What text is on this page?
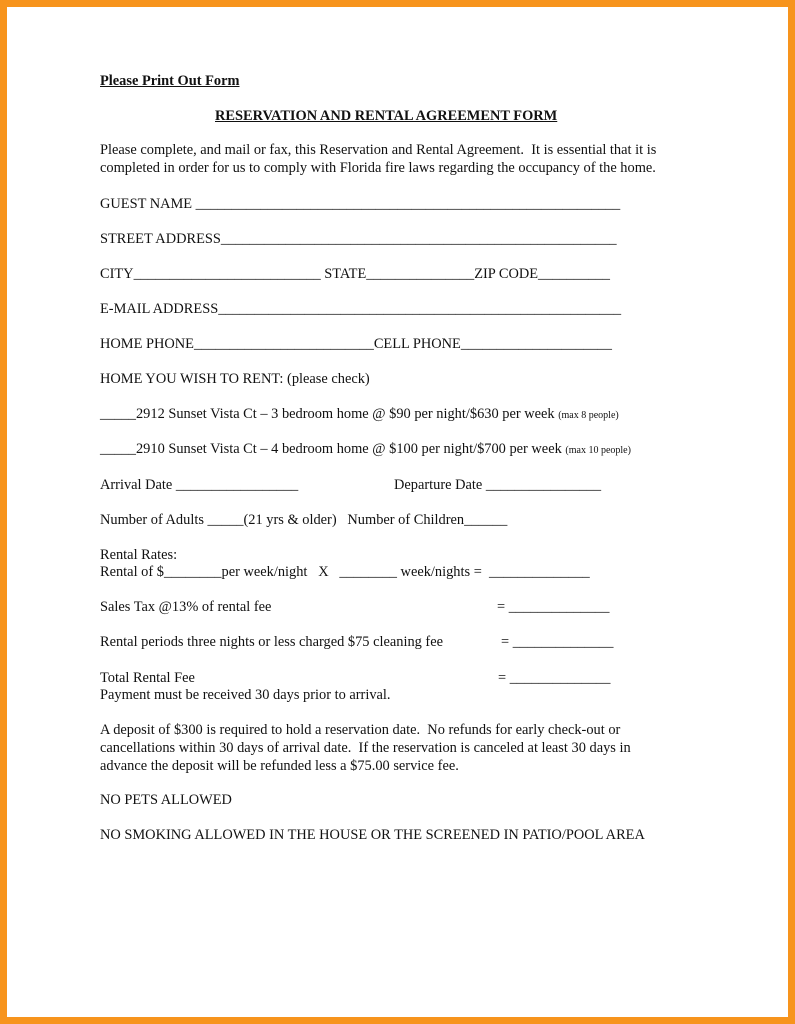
Please Print Out Form
RESERVATION AND RENTAL AGREEMENT FORM
Please complete, and mail or fax, this Reservation and Rental Agreement.  It is essential that it is
completed in order for us to comply with Florida fire laws regarding the occupancy of the home.
GUEST NAME ___________________________________________________________
STREET ADDRESS_______________________________________________________
CITY__________________________ STATE_______________ZIP CODE__________
E-MAIL ADDRESS________________________________________________________
HOME PHONE_________________________CELL PHONE_____________________
HOME YOU WISH TO RENT: (please check)
_____2912 Sunset Vista Ct – 3 bedroom home @ $90 per night/$630 per week (max 8 people)
_____2910 Sunset Vista Ct – 4 bedroom home @ $100 per night/$700 per week (max 10 people)
Arrival Date _________________	Departure Date ________________
Number of Adults _____(21 yrs & older)   Number of Children______
Rental Rates:
Rental of $________per week/night   X   ________ week/nights =  ______________
Sales Tax @13% of rental fee	= ______________
Rental periods three nights or less charged $75 cleaning fee	= ______________
Total Rental Fee	= ______________
Payment must be received 30 days prior to arrival.
A deposit of $300 is required to hold a reservation date.  No refunds for early check-out or
cancellations within 30 days of arrival date.  If the reservation is canceled at least 30 days in
advance the deposit will be refunded less a $75.00 service fee.
NO PETS ALLOWED
NO SMOKING ALLOWED IN THE HOUSE OR THE SCREENED IN PATIO/POOL AREA
